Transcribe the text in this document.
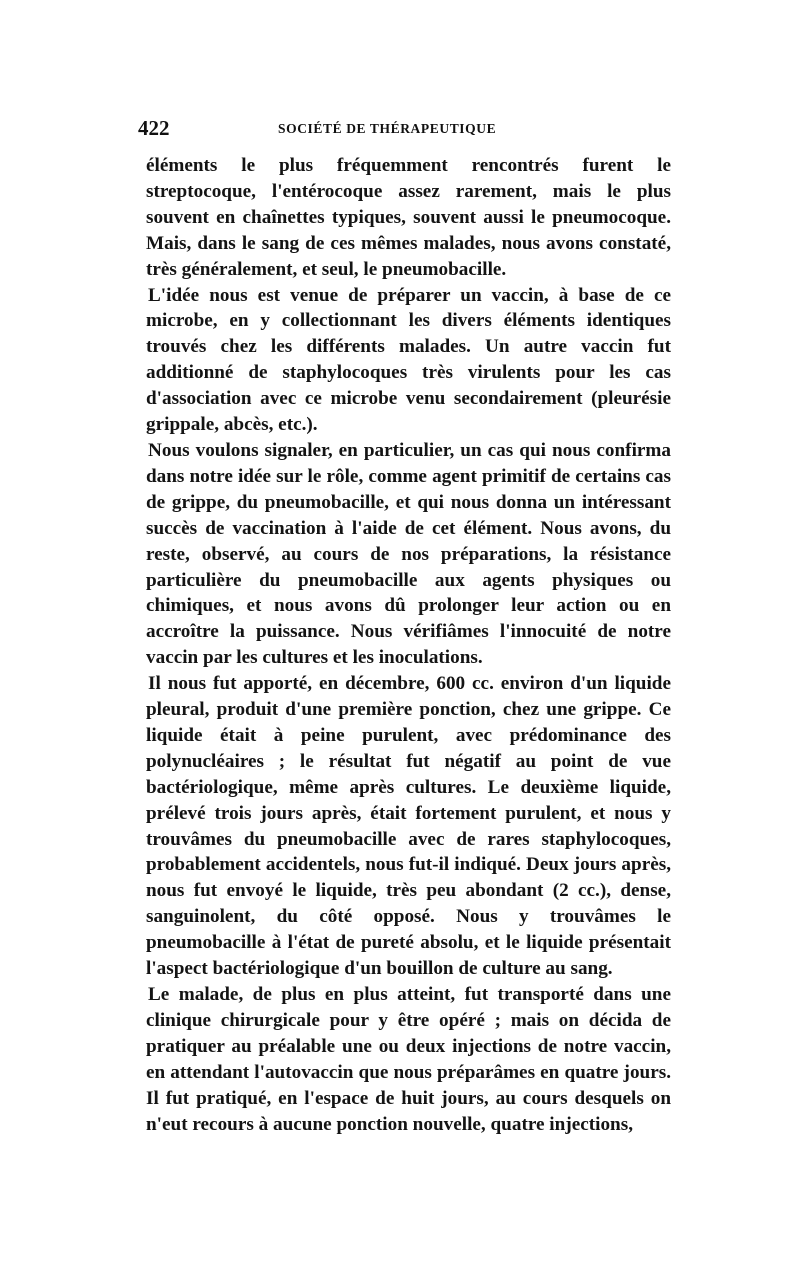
422	SOCIÉTÉ DE THÉRAPEUTIQUE

éléments le plus fréquemment rencontrés furent le streptocoque, l'entérocoque assez rarement, mais le plus souvent en chaînettes typiques, souvent aussi le pneumocoque. Mais, dans le sang de ces mêmes malades, nous avons constaté, très généralement, et seul, le pneumobacille.

L'idée nous est venue de préparer un vaccin, à base de ce microbe, en y collectionnant les divers éléments identiques trouvés chez les différents malades. Un autre vaccin fut additionné de staphylocoques très virulents pour les cas d'association avec ce microbe venu secondairement (pleurésie grippale, abcès, etc.).

Nous voulons signaler, en particulier, un cas qui nous confirma dans notre idée sur le rôle, comme agent primitif de certains cas de grippe, du pneumobacille, et qui nous donna un intéressant succès de vaccination à l'aide de cet élément. Nous avons, du reste, observé, au cours de nos préparations, la résistance particulière du pneumobacille aux agents physiques ou chimiques, et nous avons dû prolonger leur action ou en accroître la puissance. Nous vérifiâmes l'innocuité de notre vaccin par les cultures et les inoculations.

Il nous fut apporté, en décembre, 600 cc. environ d'un liquide pleural, produit d'une première ponction, chez une grippe. Ce liquide était à peine purulent, avec prédominance des polynucléaires ; le résultat fut négatif au point de vue bactériologique, même après cultures. Le deuxième liquide, prélevé trois jours après, était fortement purulent, et nous y trouvâmes du pneumobacille avec de rares staphylocoques, probablement accidentels, nous fut-il indiqué. Deux jours après, nous fut envoyé le liquide, très peu abondant (2 cc.), dense, sanguinolent, du côté opposé. Nous y trouvâmes le pneumobacille à l'état de pureté absolu, et le liquide présentait l'aspect bactériologique d'un bouillon de culture au sang.

Le malade, de plus en plus atteint, fut transporté dans une clinique chirurgicale pour y être opéré ; mais on décida de pratiquer au préalable une ou deux injections de notre vaccin, en attendant l'autovaccin que nous préparâmes en quatre jours. Il fut pratiqué, en l'espace de huit jours, au cours desquels on n'eut recours à aucune ponction nouvelle, quatre injections,
